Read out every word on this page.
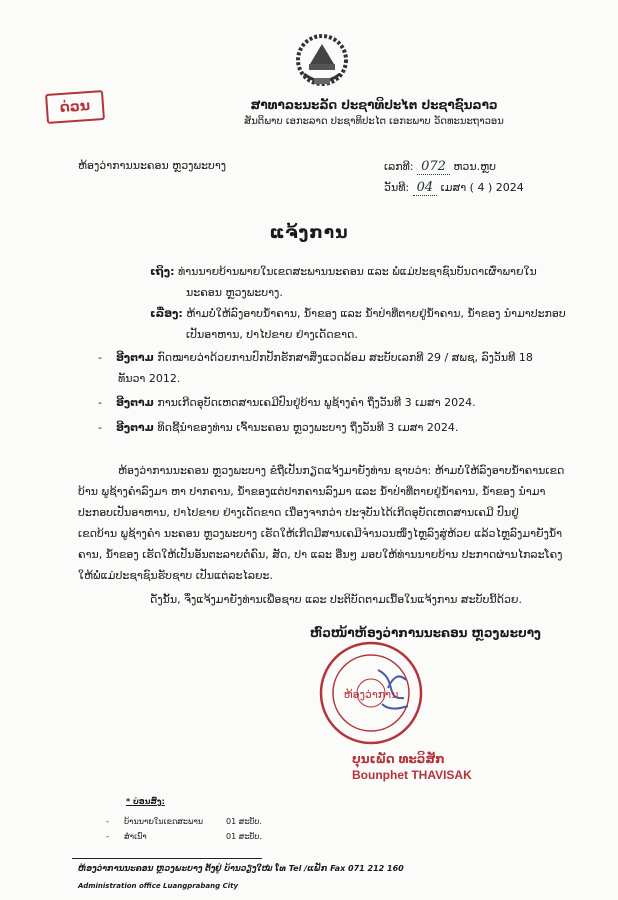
ດ່ວນ	ສາທາລະນະລັດ ປະຊາທິປະໄຕ ປະຊາຊົນລາວ
ສັນຕິພາບ ເອກະລາດ ປະຊາທິປະໄຕ ເອກະພາບ ວັດທະນະຖາວອນ
ຫ້ອງວ່າການນະຄອນ ຫຼວງພະບາງ	ເລກທີ: 072 ຫວນ.ຫຼບ
ວັນທີ: 04 ເມສາ ( 4 ) 2024
ແຈ້ງການ
ເຖິງ: ທ່ານນາຍບ້ານພາຍໃນເຂດສະພານນະຄອນ ແລະ ພໍ່ແມ່ປະຊາຊົນບັນດາເຜົ່າພາຍໃນ
ນະຄອນ ຫຼວງພະບາງ.
ເລື່ອງ: ຫ້າມບໍ່ໃຫ້ລົງອາບນ້ຳຄານ, ນ້ຳຂອງ ແລະ ນ້ຳປ່າທີ່ຕາຍຢູ່ນ້ຳຄານ, ນ້ຳຂອງ ນຳມາປະກອບ
ເປັນອາຫານ, ປາໄປຂາຍ ຢ່າງເດັດຂາດ.
-    ອີງຕາມ ກົດໝາຍວ່າດ້ວຍການປົກປັກຮັກສາສິ່ງແວດລ້ອມ ສະບັບເລກທີ 29 / ສພຊ, ລົງວັນທີ 18
ທັນວາ 2012.
-    ອີງຕາມ ການເກີດອຸບັດເຫດສານເຄມີປົນຢູ່ບ້ານ ພູຊ້າງຄຳ ຖຶ່ງວັນທີ 3 ເມສາ 2024.
-    ອີງຕາມ ທິດຊີ້ນຳຂອງທ່ານ ເຈົ້ານະຄອນ ຫຼວງພະບາງ ຖຶ່ງວັນທີ 3 ເມສາ 2024.
ຫ້ອງວ່າການນະຄອນ ຫຼວງພະບາງ ຂໍຖືເປັນກຽດແຈ້ງມາຍັງທ່ານ ຊາບວ່າ: ຫ້າມບໍ່ໃຫ້ລົງອາບນ້ຳຄານເຂດ
ບ້ານ ພູຊ້າງຄຳລົງມາ ຫາ ປາກຄານ, ນ້ຳຂອງແຕ່ປາກຄານລົງມາ ແລະ ນ້ຳປ່າທີ່ຕາຍຢູ່ນ້ຳຄານ, ນ້ຳຂອງ ນຳມາ
ປະກອບເປັນອາຫານ, ປາໄປຂາຍ ຢ່າງເດັດຂາດ ເນື່ອງຈາກວ່າ ປະຈຸບັນໄດ້ເກີດອຸບັດເຫດສານເຄມີ ປົນຢູ່
ເຂດບ້ານ ພູຊ້າງຄຳ ນະຄອນ ຫຼວງພະບາງ ເຮັດໃຫ້ເກີດມີສານເຄມີຈຳນວນໜຶ່ງໄຫຼລົງສູ່ຫ້ວຍ ແລ້ວໄຫຼລົງມາຍັງນ້ຳ
ຄານ, ນ້ຳຂອງ ເຮັດໃຫ້ເປັນອັນຕະລາຍຕໍ່ຄົນ, ສັດ, ປາ ແລະ ອື່ນໆ ມອບໃຫ້ທ່ານນາຍບ້ານ ປະກາດຜ່ານໄກລະໂຄງ
ໃຫ້ພໍ່ແມ່ປະຊາຊົນຮັບຊາບ ເປັນແຕ່ລະໄລຍະ.
ດັ່ງນັ້ນ, ຈຶ່ງແຈ້ງມາຍັງທ່ານເພື່ອຊາບ ແລະ ປະຕິບັດຕາມເນື້ອໃນແຈ້ງການ ສະບັບນີ້ດ້ວຍ.
ຫົວໜ້າຫ້ອງວ່າການນະຄອນ ຫຼວງພະບາງ
ຫ້ອງວ່າການ
ບຸນເພັດ ທະວິສັກ
Bounphet THAVISAK
* ບ່ອນສົ່ງ:
-      ບ້ານນາຍໃນເຂດສະພານ	01 ສະບັບ.
-      ສຳເນົາ	01 ສະບັບ.
ຫ້ອງວ່າການນະຄອນ ຫຼວງພະບາງ ຕັ້ງຢູ່ ບ້ານວຽງໃໝ່ ໂທ Tel /ແຟັກ Fax 071 212 160
Administration office Luangprabang City
